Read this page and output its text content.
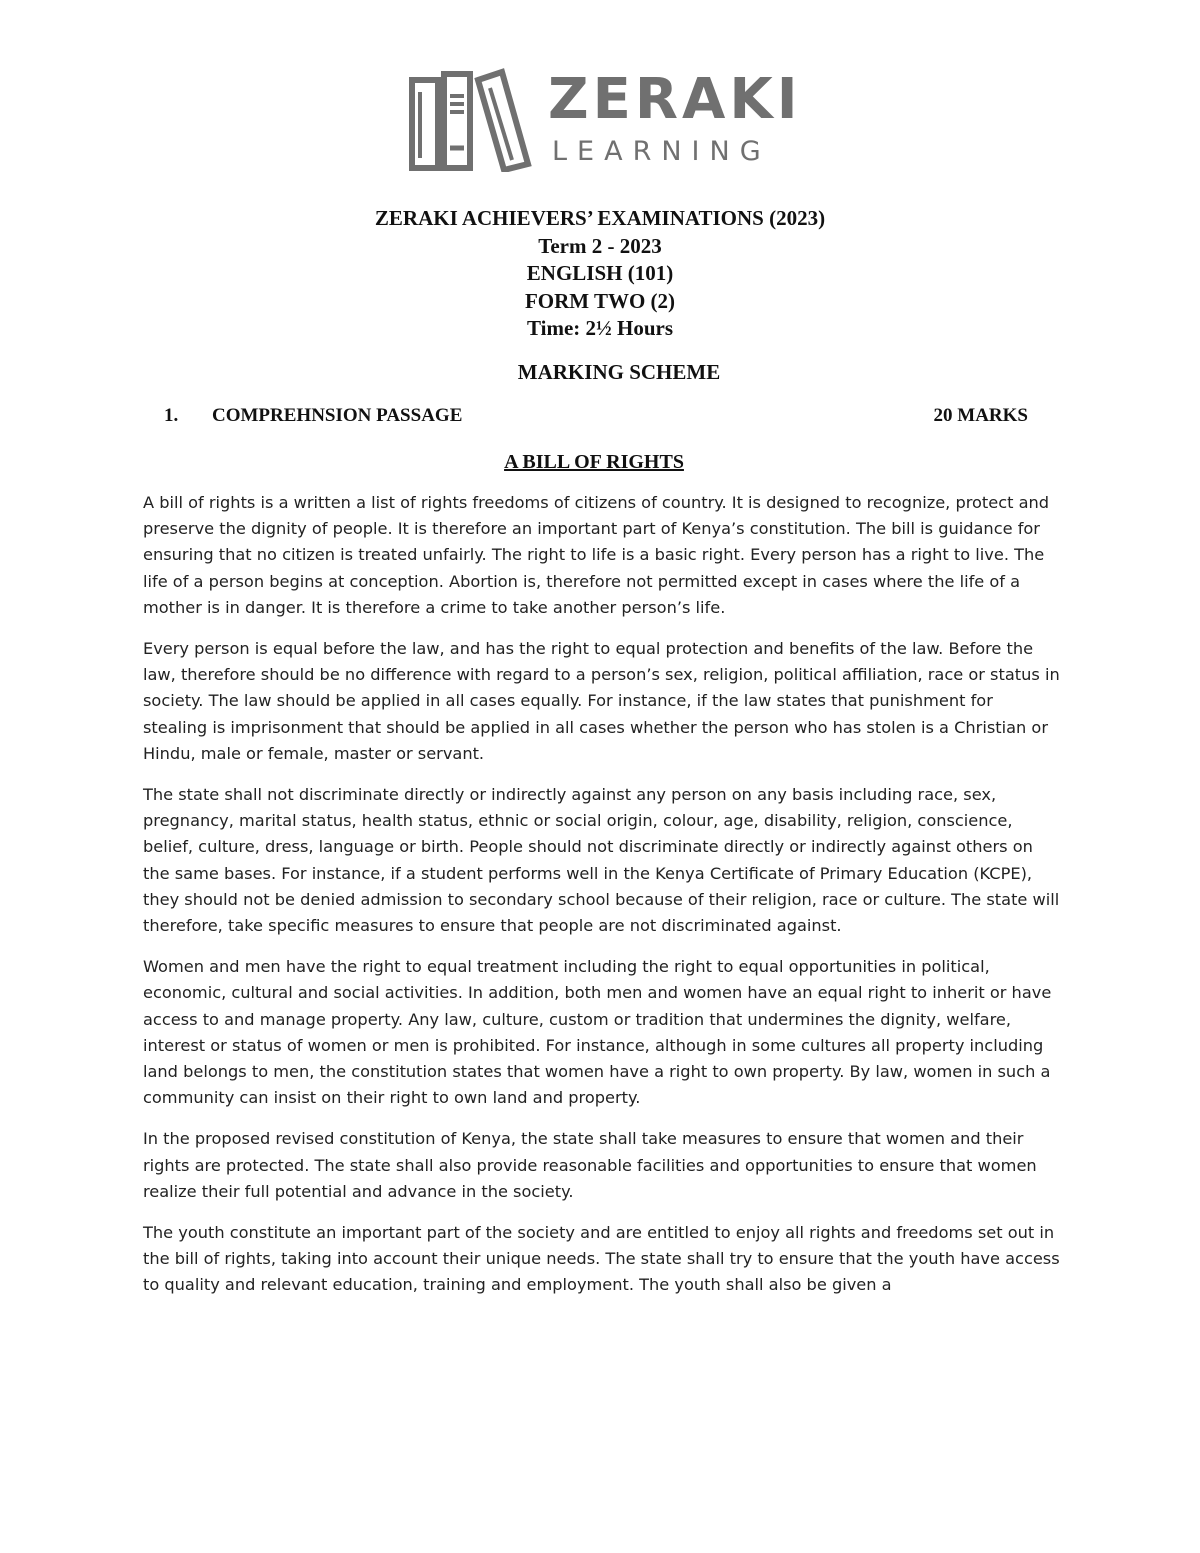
ZERAKI
LEARNING
ZERAKI ACHIEVERS’ EXAMINATIONS (2023)
Term 2 - 2023
ENGLISH (101)
FORM TWO (2)
Time: 2½ Hours
MARKING SCHEME
1. COMPREHNSION PASSAGE	20 MARKS
A BILL OF RIGHTS

A bill of rights is a written a list of rights freedoms of citizens of country. It is designed to recognize, protect and preserve the dignity of people. It is therefore an important part of Kenya’s constitution. The bill is guidance for ensuring that no citizen is treated unfairly. The right to life is a basic right. Every person has a right to live. The life of a person begins at conception. Abortion is, therefore not permitted except in cases where the life of a mother is in danger. It is therefore a crime to take another person’s life.

Every person is equal before the law, and has the right to equal protection and benefits of the law. Before the law, therefore should be no difference with regard to a person’s sex, religion, political affiliation, race or status in society. The law should be applied in all cases equally. For instance, if the law states that punishment for stealing is imprisonment that should be applied in all cases whether the person who has stolen is a Christian or Hindu, male or female, master or servant.

The state shall not discriminate directly or indirectly against any person on any basis including race, sex, pregnancy, marital status, health status, ethnic or social origin, colour, age, disability, religion, conscience, belief, culture, dress, language or birth. People should not discriminate directly or indirectly against others on the same bases. For instance, if a student performs well in the Kenya Certificate of Primary Education (KCPE), they should not be denied admission to secondary school because of their religion, race or culture. The state will therefore, take specific measures to ensure that people are not discriminated against.

Women and men have the right to equal treatment including the right to equal opportunities in political, economic, cultural and social activities. In addition, both men and women have an equal right to inherit or have access to and manage property. Any law, culture, custom or tradition that undermines the dignity, welfare, interest or status of women or men is prohibited. For instance, although in some cultures all property including land belongs to men, the constitution states that women have a right to own property. By law, women in such a community can insist on their right to own land and property.

In the proposed revised constitution of Kenya, the state shall take measures to ensure that women and their rights are protected. The state shall also provide reasonable facilities and opportunities to ensure that women realize their full potential and advance in the society.

The youth constitute an important part of the society and are entitled to enjoy all rights and freedoms set out in the bill of rights, taking into account their unique needs. The state shall try to ensure that the youth have access to quality and relevant education, training and employment. The youth shall also be given a
